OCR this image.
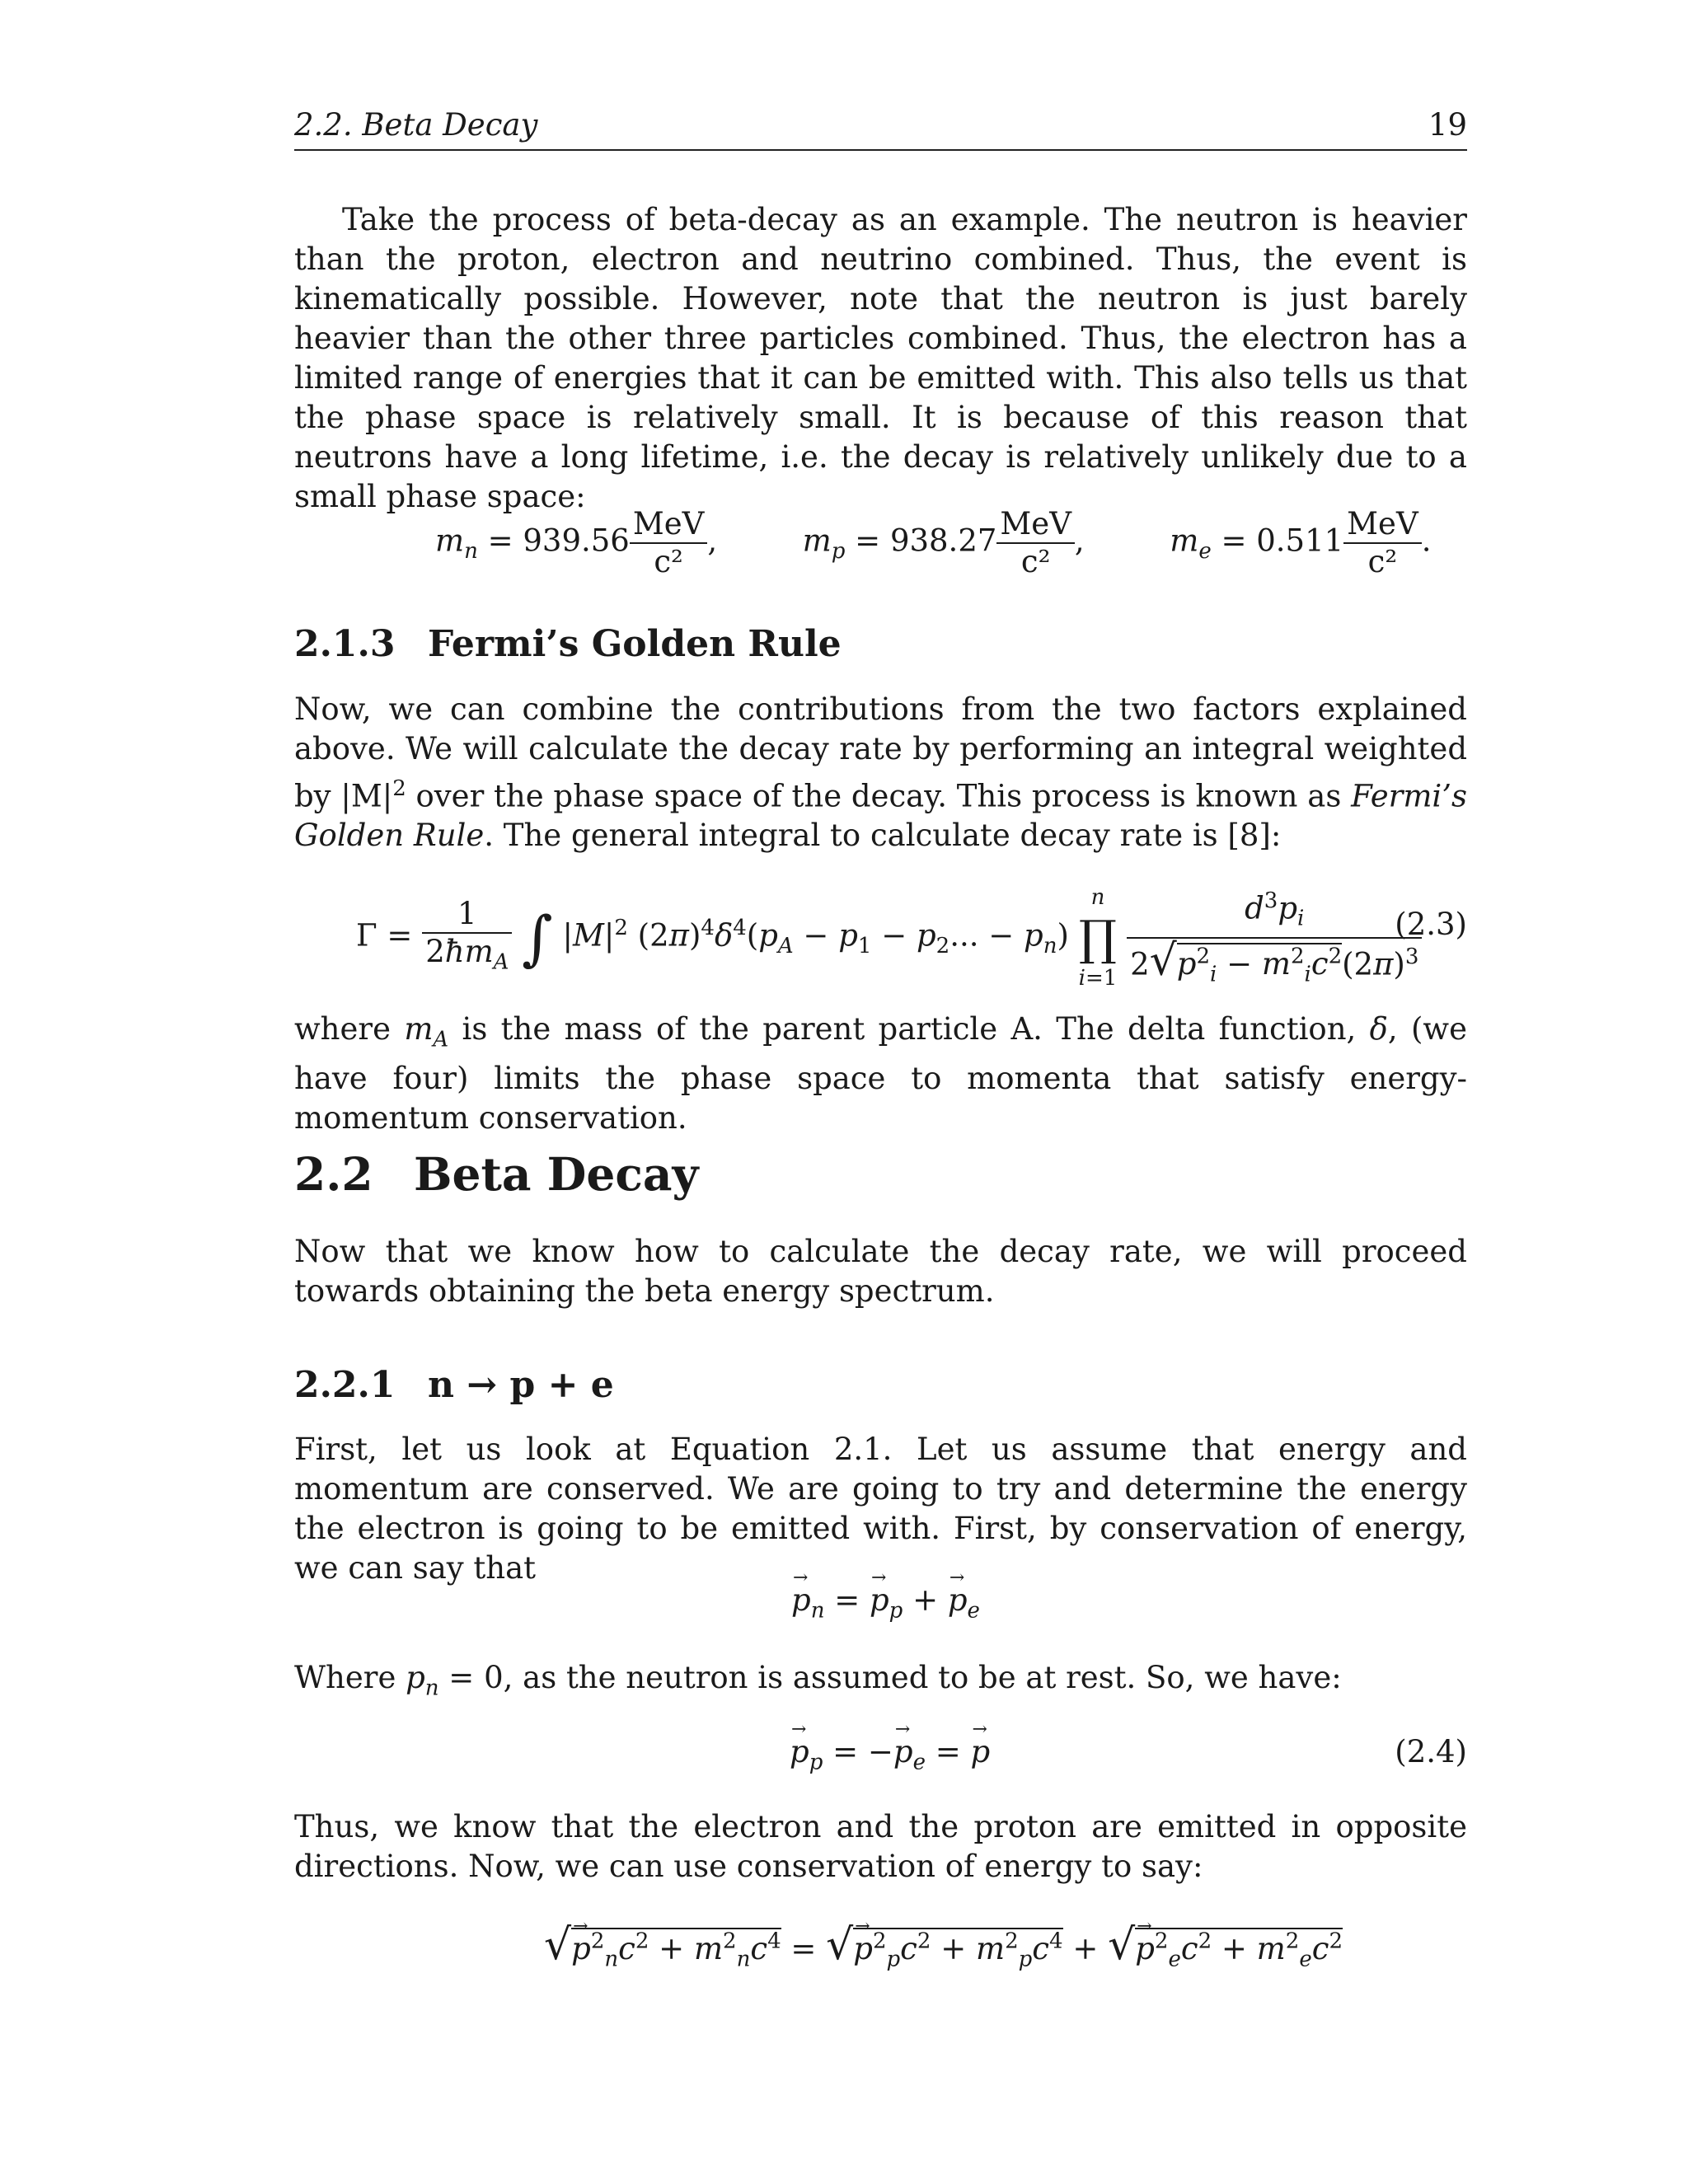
2.2. Beta Decay	19

Take the process of beta-decay as an example. The neutron is heavier than the proton, electron and neutrino combined. Thus, the event is kinematically possible. However, note that the neutron is just barely heavier than the other three particles combined. Thus, the electron has a limited range of energies that it can be emitted with. This also tells us that the phase space is relatively small. It is because of this reason that neutrons have a long lifetime, i.e. the decay is relatively unlikely due to a small phase space:

$m_n = 939.56 \frac{\text{MeV}}{\text{c²}}$ ,  $m_p = 938.27 \frac{\text{MeV}}{\text{c²}}$ ,  $m_e = 0.511 \frac{\text{MeV}}{\text{c²}}$ .
2.1.3 Fermi’s Golden Rule

Now, we can combine the contributions from the two factors explained above. We will calculate the decay rate by performing an integral weighted by $|M|^2$ over the phase space of the decay. This process is known as Fermi’s Golden Rule. The general integral to calculate decay rate is [8]:

$\Gamma = \frac{1}{2ħm_A}$ ∫ $|M|^2$ $(2\pi)^4\delta^4(p_A - p_1 - p_2$... − $p_n$)
n
∏
i=1
$\frac{d^3p_i}{2√p^2_i - m^2_ic^2(2\pi)^3}$
(2.3)

where $m_A$ is the mass of the parent particle A. The delta function, δ, (we have four) limits the phase space to momenta that satisfy energy-momentum conservation.

2.2 Beta Decay

Now that we know how to calculate the decay rate, we will proceed towards obtaining the beta energy spectrum.

2.2.1 n → p + e

First, let us look at Equation 2.1. Let us assume that energy and momentum are conserved. We are going to try and determine the energy the electron is going to be emitted with. First, by conservation of energy, we can say that

→ $p_n$ = → $p_p$ + → $p_e$

Where $p_n = 0$, as the neutron is assumed to be at rest. So, we have:

→ $p_p$ = −→ $p_e$ = → p	(2.4)

Thus, we know that the electron and the proton are emitted in opposite directions. Now, we can use conservation of energy to say:

√→ $p^2_nc^2 + m^2_nc^4$ = √→ $p^2_pc^2 + m^2_pc^4$ + √→ $p^2_ec^2 + m^2_ec^2$
